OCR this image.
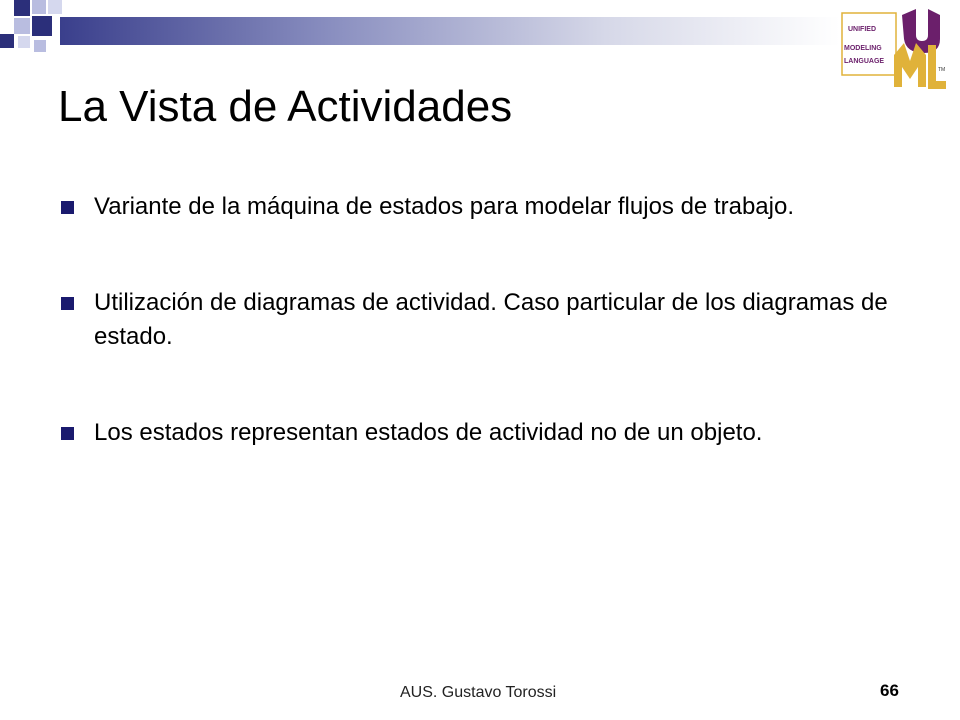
UNIFIED
MODELING
LANGUAGE
TM
La Vista de Actividades
Variante de la máquina de estados para modelar flujos de trabajo.
Utilización de diagramas de actividad. Caso particular de los diagramas de estado.
Los estados representan estados de actividad no de un objeto.
AUS. Gustavo Torossi	66
